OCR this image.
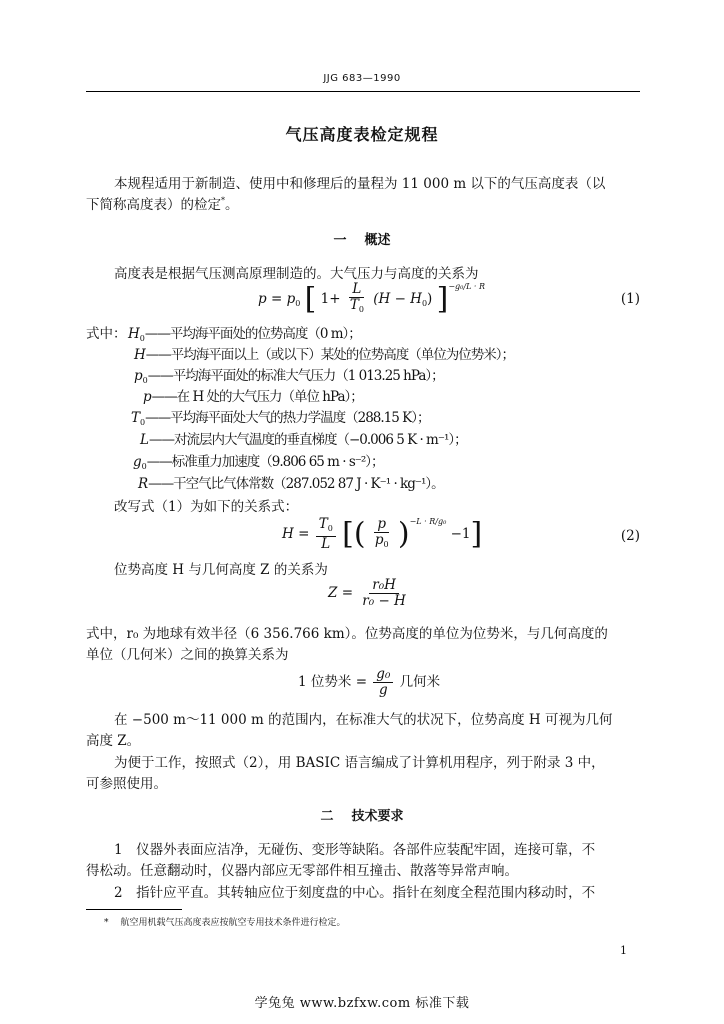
JJG 683—1990
气压高度表检定规程
本规程适用于新制造、使用中和修理后的量程为 11 000 m 以下的气压高度表（以
下简称高度表）的检定*。
一 概述
高度表是根据气压测高原理制造的。大气压力与高度的关系为
$p = p_0$ [ $1+ \frac{L}{T_0} (H - H_0)$ ]$^{-g_0/L \cdot R}$
(1)
式中： $H_0——$平均海平面处的位势高度（0 m）；
H——平均海平面以上（或以下）某处的位势高度（单位为位势米）；
$p_0——$平均海平面处的标准大气压力（1 013.25 hPa）；
p——在 H 处的大气压力（单位 hPa）；
$T_0——$平均海平面处大气的热力学温度（288.15 K）；
L——对流层内大气温度的垂直梯度（−0.006 5 K · m⁻¹）；
$g_0——$标准重力加速度（9.806 65 m · s⁻²）；
R——干空气比气体常数（287.052 87 J · K⁻¹ · kg⁻¹）。
改写式（1）为如下的关系式：
$H = \frac{T_0}{L}$ [( $\frac{p}{p_0} )^{-L \cdot R/g_0} -1$]	(2)
位势高度 H 与几何高度 Z 的关系为
$Z = \frac{\text{r₀H}}{\text{r₀ − H}}$
式中，r₀ 为地球有效半径（6 356.766 km）。位势高度的单位为位势米，与几何高度的
单位（几何米）之间的换算关系为
1 位势米 = $\frac{\text{g₀}}{g}$ 几何米
在 −500 m～11 000 m 的范围内，在标准大气的状况下，位势高度 H 可视为几何
高度 Z。
为便于工作，按照式（2），用 BASIC 语言编成了计算机用程序，列于附录 3 中，
可参照使用。
二 技术要求
1　仪器外表面应洁净，无碰伤、变形等缺陷。各部件应装配牢固，连接可靠，不
得松动。任意翻动时，仪器内部应无零部件相互撞击、散落等异常声响。
2　指针应平直。其转轴应位于刻度盘的中心。指针在刻度全程范围内移动时，不
* 航空用机载气压高度表应按航空专用技术条件进行检定。
1
学兔兔 www.bzfxw.com 标准下载
